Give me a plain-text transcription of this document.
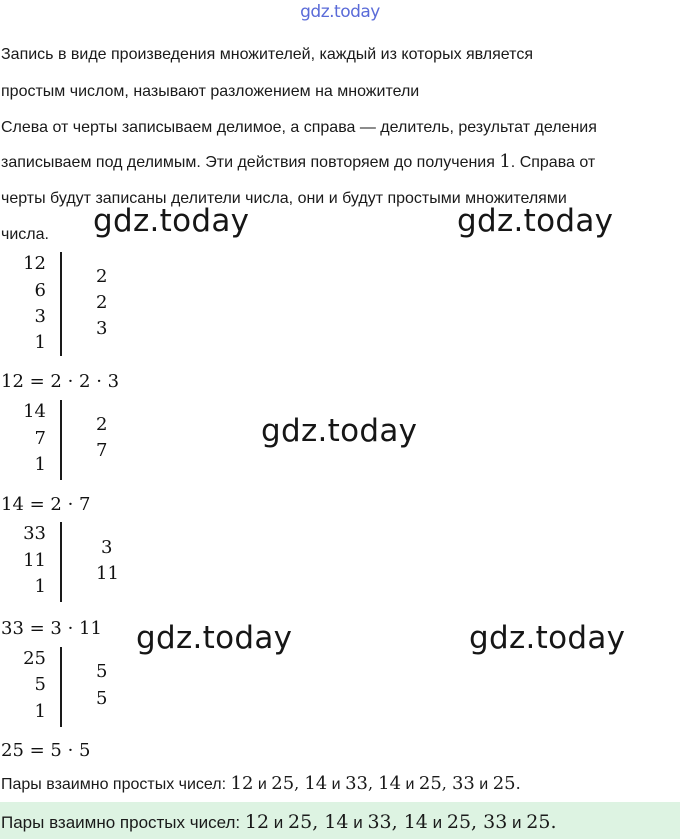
gdz.today
Запись в виде произведения множителей, каждый из которых является
простым числом, называют разложением на множители
Слева от черты записываем делимое, а справа — делитель, результат деления
записываем под делимым. Эти действия повторяем до получения 1. Справа от
черты будут записаны делители числа, они и будут простыми множителями
числа. gdz.today	gdz.today
gdz.today
gdz.today	gdz.today
12
6
3
1
2
2
3
12 = 2 · 2 · 3
14
7
1
2
7
14 = 2 · 7
33
11
1
3
11
33 = 3 · 11
25
5
1
5
5
25 = 5 · 5
Пары взаимно простых чисел: 12 и 25, 14 и 33, 14 и 25, 33 и 25.
Пары взаимно простых чисел: 12 и 25, 14 и 33, 14 и 25, 33 и 25.
